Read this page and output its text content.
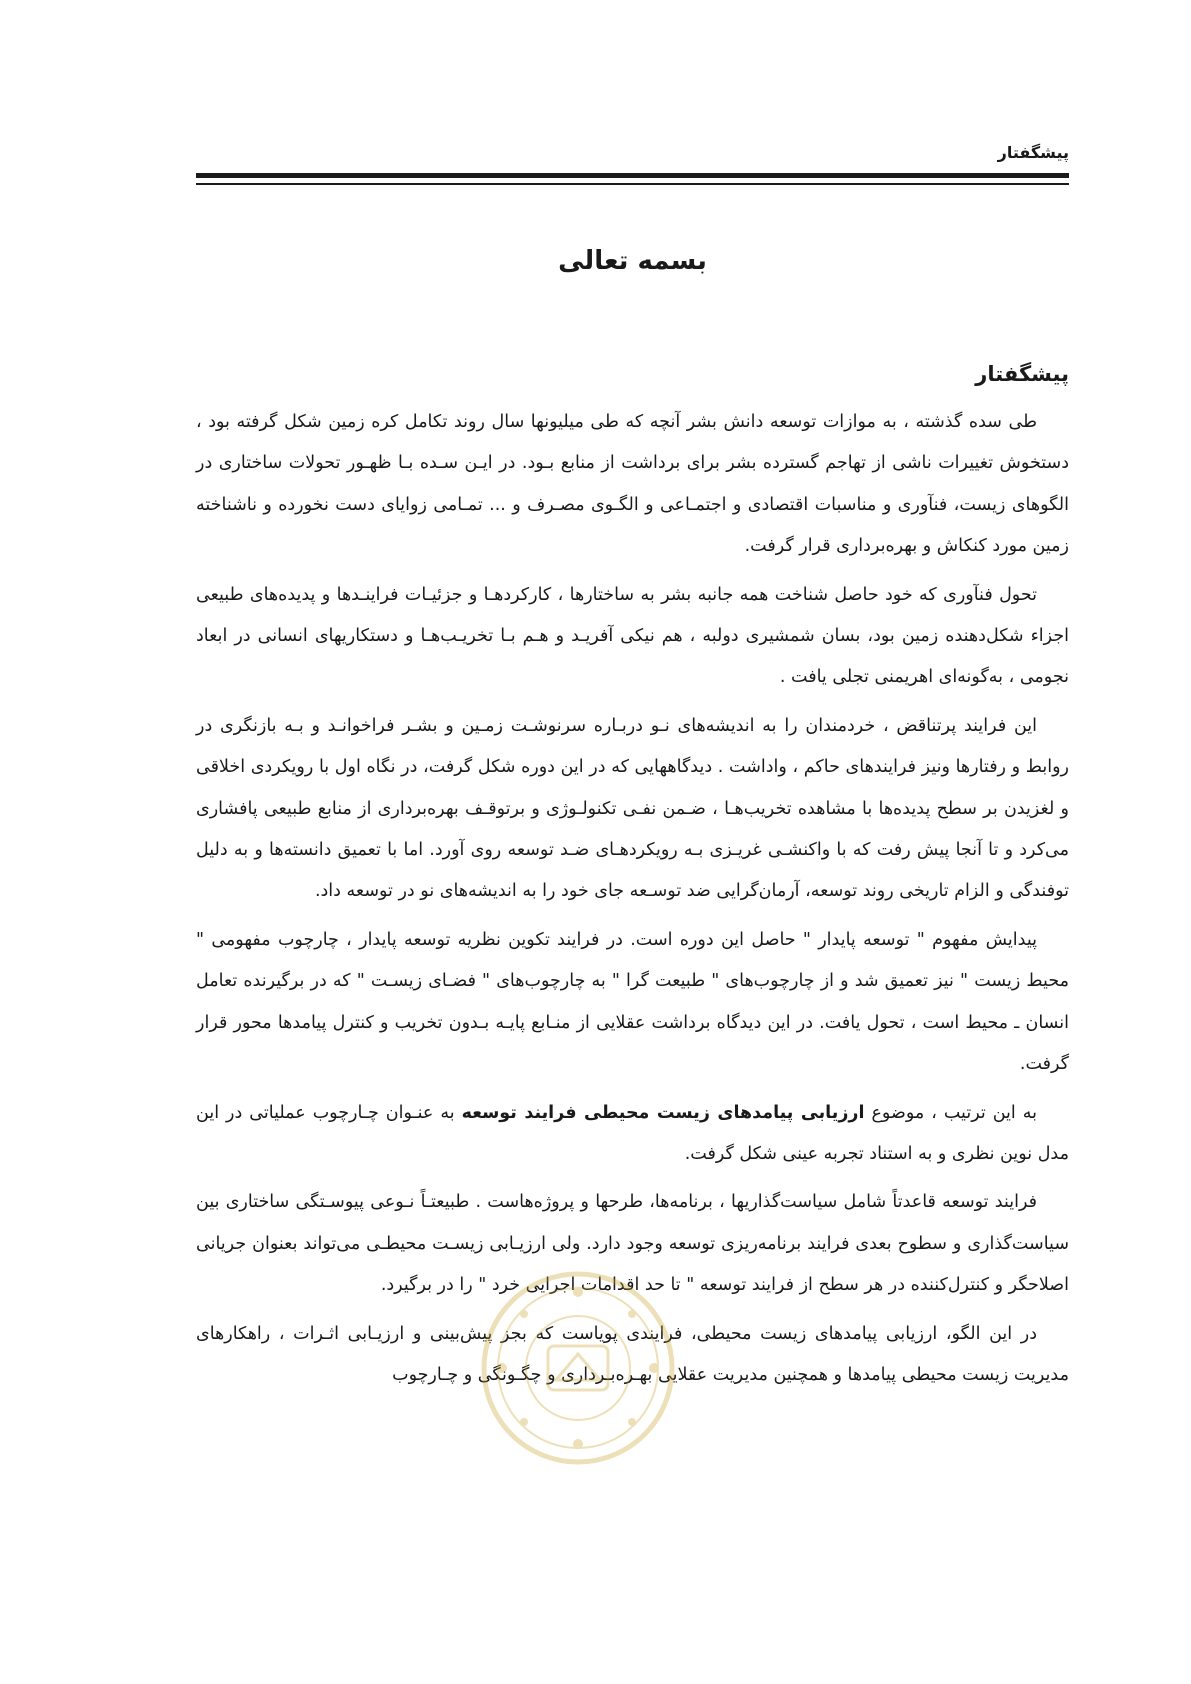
پیشگفتار
بسمه تعالی
پیشگفتار

طی سده گذشته ، به موازات توسعه دانش بشر آنچه که طی میلیونها سال روند تکامل کره زمین شکل گرفته بود ، دستخوش تغییرات ناشی از تهاجم گسترده بشر برای برداشت از منابع بـود. در ایـن سـده بـا ظهـور تحولات ساختاری در الگوهای زیست، فنآوری و مناسبات اقتصادی و اجتمـاعی و الگـوی مصـرف و ... تمـامی زوایای دست نخورده و ناشناخته زمین مورد کنکاش و بهره‌برداری قرار گرفت.

تحول فنآوری که خود حاصل شناخت همه جانبه بشر به ساختارها ، کارکردهـا و جزئیـات فراینـدها و پدیده‌های طبیعی اجزاء شکل‌دهنده زمین بود، بسان شمشیری دولبه ، هم نیکی آفریـد و هـم بـا تخریـب‌هـا و دستکاریهای انسانی در ابعاد نجومی ، به‌گونه‌ای اهریمنی تجلی یافت .

این فرایند پرتناقض ، خردمندان را به اندیشه‌های نـو دربـاره سرنوشـت زمـین و بشـر فراخوانـد و بـه بازنگری در روابط و رفتارها ونیز فرایندهای حاکم ، واداشت . دیدگاههایی که در این دوره شکل گرفت، در نگاه اول با رویکردی اخلاقی و لغزیدن بر سطح پدیده‌ها با مشاهده تخریب‌هـا ، ضـمن نفـی تکنولـوژی و برتوقـف بهره‌برداری از منابع طبیعی پافشاری می‌کرد و تا آنجا پیش رفت که با واکنشـی غریـزی بـه رویکردهـای ضـد توسعه روی آورد. اما با تعمیق دانسته‌ها و به دلیل توفندگی و الزام تاریخی روند توسعه، آرمان‌گرایی ضد توسـعه جای خود را به اندیشه‌های نو در توسعه داد.

پیدایش مفهوم " توسعه پایدار " حاصل این دوره است. در فرایند تکوین نظریه توسعه پایدار ، چارچوب مفهومی " محیط زیست " نیز تعمیق شد و از چارچوب‌های " طبیعت گرا " به چارچوب‌های " فضـای زیسـت " که در برگیرنده تعامل انسان ـ محیط است ، تحول یافت. در این دیدگاه برداشت عقلایی از منـابع پایـه بـدون تخریب و کنترل پیامدها محور قرار گرفت.

به این ترتیب ، موضوع ارزیابی پیامدهای زیست محیطی فرایند توسعه به عنـوان چـارچوب عملیاتی در این مدل نوین نظری و به استناد تجربه عینی شکل گرفت.

فرایند توسعه قاعدتاً شامل سیاست‌گذاریها ، برنامه‌ها، طرحها و پروژه‌هاست . طبیعتـاً نـوعی پیوسـتگی ساختاری بین سیاست‌گذاری و سطوح بعدی فرایند برنامه‌ریزی توسعه وجود دارد. ولی ارزیـابی زیسـت محیطـی می‌تواند بعنوان جریانی اصلاحگر و کنترل‌کننده در هر سطح از فرایند توسعه " تا حد اقدامات اجرایی خرد " را در برگیرد.

در این الگو، ارزیابی پیامدهای زیست محیطی، فرایندی پویاست که بجز پیش‌بینی و ارزیـابی اثـرات ، راهکارهای مدیریت زیست محیطی پیامدها و همچنین مدیریت عقلایی بهـره‌بـرداری و چگـونگی و چـارچوب
